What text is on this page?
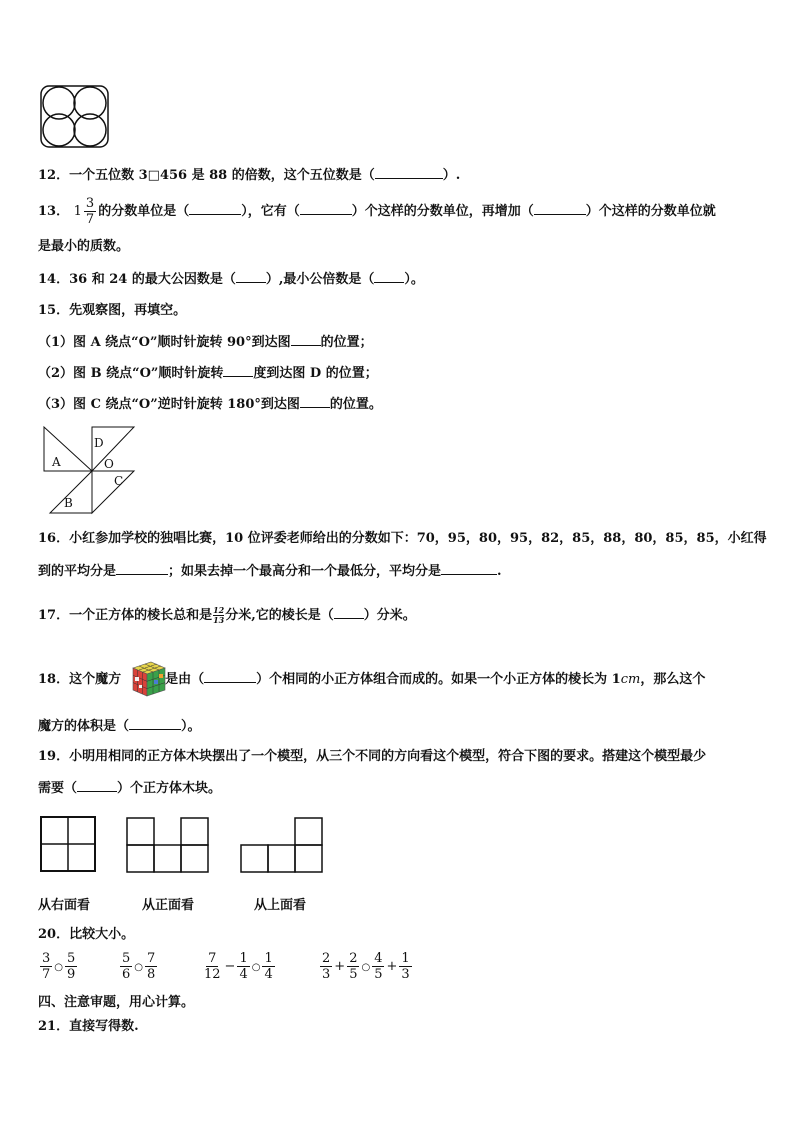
12．一个五位数 3□456 是 88 的倍数，这个五位数是（	）.
13． $1 \frac{3}{7}$ 的分数单位是（	），它有（	）个这样的分数单位，再增加（	）个这样的分数单位就
是最小的质数。
14．36 和 24 的最大公因数是（ ）,最小公倍数是（ ）。
15．先观察图，再填空。
（1）图 A 绕点“O”顺时针旋转 90°到达图 的位置；
（2）图 B 绕点“O”顺时针旋转 度到达图 D 的位置；
（3）图 C 绕点“O”逆时针旋转 180°到达图 的位置。
A
D
O
C
B
16．小红参加学校的独唱比赛，10 位评委老师给出的分数如下：70，95，80，95，82，85，88，80，85，85，小红得
到的平均分是	；如果去掉一个最高分和一个最低分，平均分是	.
17．一个正方体的棱长总和是 $\frac{12}{13}$ 分米,它的棱长是（ ）分米。
18．这个魔方	是由（	）个相同的小正方体组合而成的。如果一个小正方体的棱长为 1cm，那么这个
魔方的体积是（	）。
19．小明用相同的正方体木块摆出了一个模型，从三个不同的方向看这个模型，符合下图的要求。搭建这个模型最少
需要（	）个正方体木块。
从右面看	从正面看	从上面看
20．比较大小。
$\frac{3}{7}$ ○ $\frac{5}{9}$	$\frac{5}{6}$ ○ $\frac{7}{8}$	$\frac{7}{12} - \frac{1}{4}$ ○ $\frac{1}{4}$	$\frac{2}{3} + \frac{2}{5}$ ○ $\frac{4}{5} + \frac{1}{3}$
四、注意审题，用心计算。
21．直接写得数.
